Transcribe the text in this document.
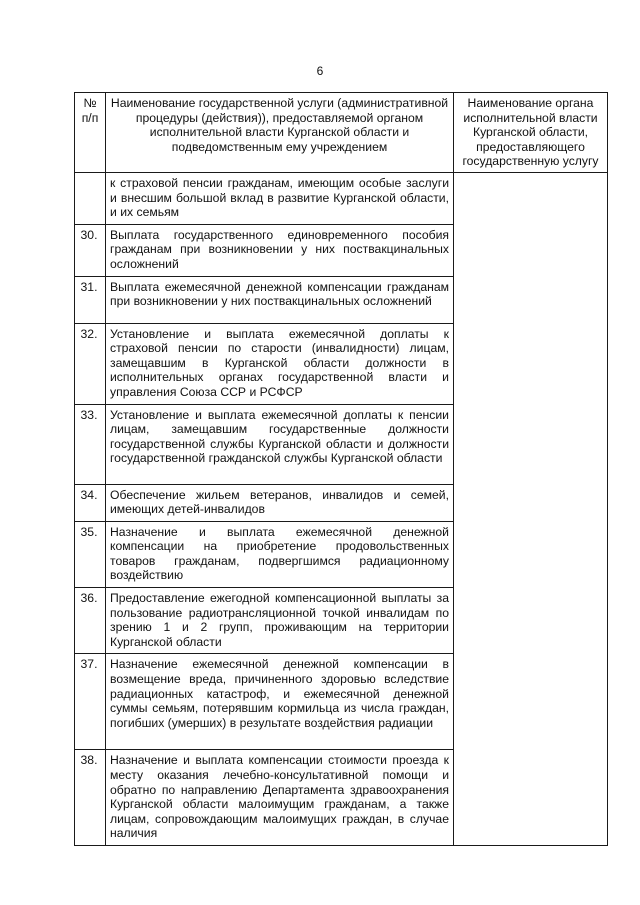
6
№ п/п	Наименование государственной услуги (административной процедуры (действия)), предоставляемой органом исполнительной власти Курганской области и подведомственным ему учреждением	Наименование органа исполнительной власти Курганской области, предоставляющего государственную услугу
	к страховой пенсии гражданам, имеющим особые заслуги и внесшим большой вклад в развитие Курганской области, и их семьям	
30.	Выплата государственного единовременного пособия гражданам при возникновении у них поствакцинальных осложнений	
31.	Выплата ежемесячной денежной компенсации гражданам при возникновении у них поствакцинальных осложнений	
32.	Установление и выплата ежемесячной доплаты к страховой пенсии по старости (инвалидности) лицам, замещавшим в Курганской области должности в исполнительных органах государственной власти и управления Союза ССР и РСФСР	
33.	Установление и выплата ежемесячной доплаты к пенсии лицам, замещавшим государственные должности государственной службы Курганской области и должности государственной гражданской службы Курганской области	
34.	Обеспечение жильем ветеранов, инвалидов и семей, имеющих детей-инвалидов	
35.	Назначение и выплата ежемесячной денежной компенсации на приобретение продовольственных товаров гражданам, подвергшимся радиационному воздействию	
36.	Предоставление ежегодной компенсационной выплаты за пользование радиотрансляционной точкой инвалидам по зрению 1 и 2 групп, проживающим на территории Курганской области	
37.	Назначение ежемесячной денежной компенсации в возмещение вреда, причиненного здоровью вследствие радиационных катастроф, и ежемесячной денежной суммы семьям, потерявшим кормильца из числа граждан, погибших (умерших) в результате воздействия радиации	
38.	Назначение и выплата компенсации стоимости проезда к месту оказания лечебно-консультативной помощи и обратно по направлению Департамента здравоохранения Курганской области малоимущим гражданам, а также лицам, сопровождающим малоимущих граждан, в случае наличия	
